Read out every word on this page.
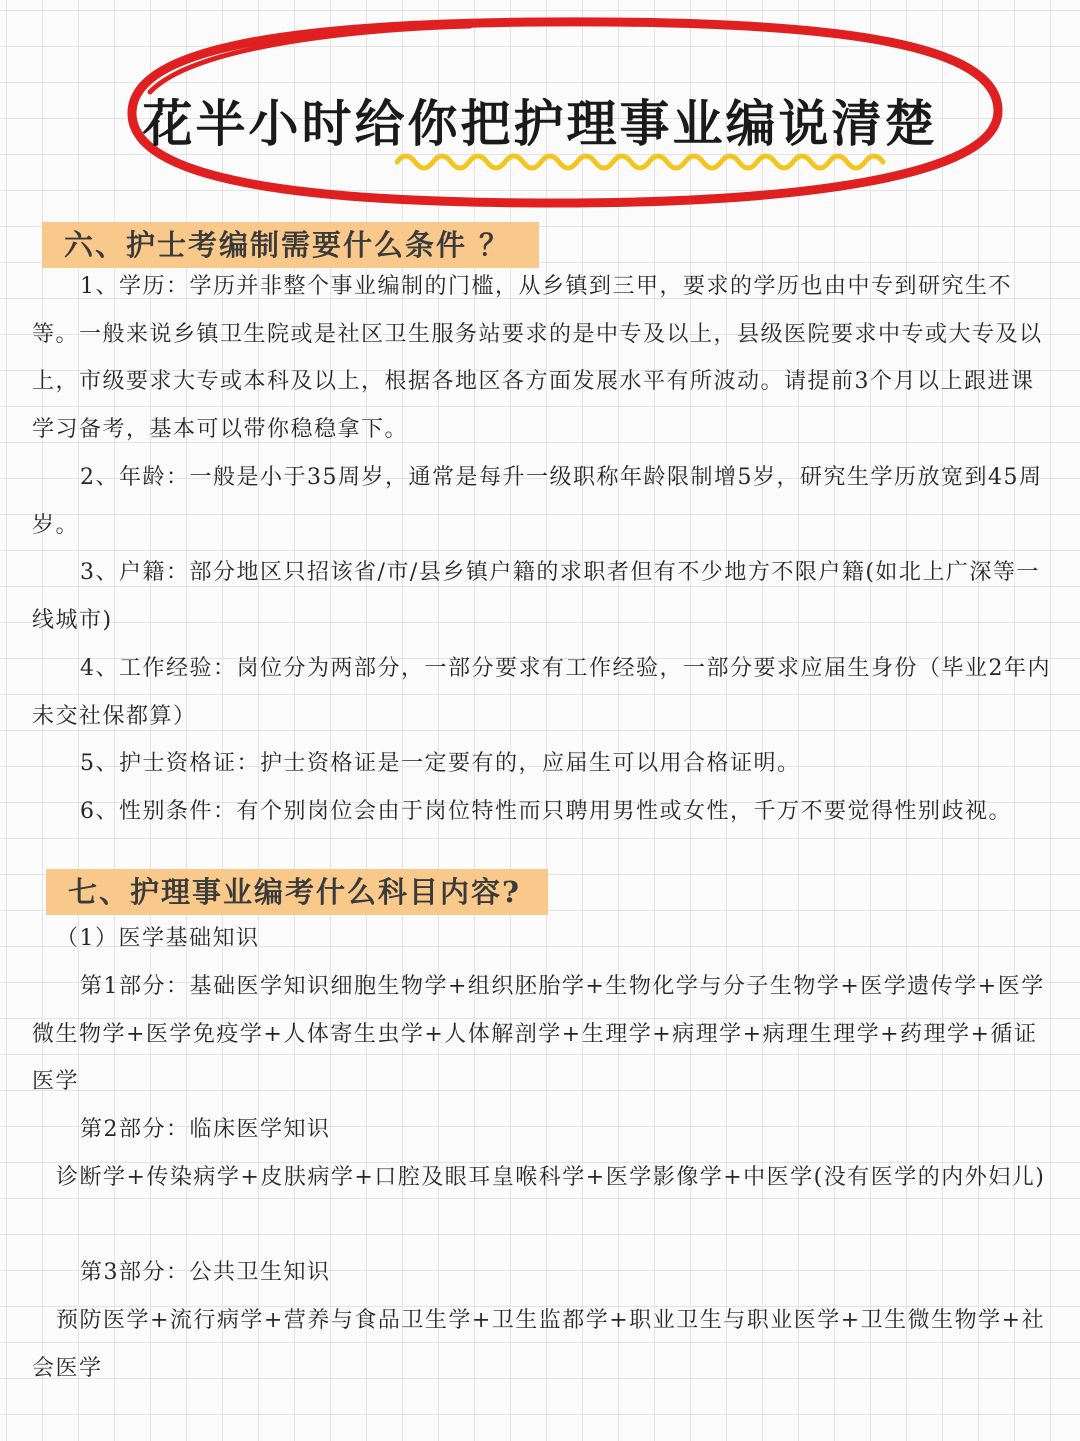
花半小时给你把护理事业编说清楚
六、护士考编制需要什么条件 ？
1、学历：学历并非整个事业编制的门槛，从乡镇到三甲，要求的学历也由中专到研究生不等。一般来说乡镇卫生院或是社区卫生服务站要求的是中专及以上，县级医院要求中专或大专及以上，市级要求大专或本科及以上，根据各地区各方面发展水平有所波动。请提前3个月以上跟进课学习备考，基本可以带你稳稳拿下。
2、年龄：一般是小于35周岁，通常是每升一级职称年龄限制增5岁，研究生学历放宽到45周岁。
3、户籍：部分地区只招该省/市/县乡镇户籍的求职者但有不少地方不限户籍(如北上广深等一线城市)
4、工作经验：岗位分为两部分，一部分要求有工作经验，一部分要求应届生身份（毕业2年内未交社保都算）
5、护士资格证：护士资格证是一定要有的，应届生可以用合格证明。
6、性别条件：有个别岗位会由于岗位特性而只聘用男性或女性，千万不要觉得性别歧视。
七、护理事业编考什么科目内容?
（1）医学基础知识
第1部分：基础医学知识细胞生物学+组织胚胎学+生物化学与分子生物学+医学遗传学+医学微生物学+医学免疫学+人体寄生虫学+人体解剖学+生理学+病理学+病理生理学+药理学+循证医学
第2部分：临床医学知识
诊断学+传染病学+皮肤病学+口腔及眼耳皇喉科学+医学影像学+中医学(没有医学的内外妇儿)
第3部分：公共卫生知识
预防医学+流行病学+营养与食品卫生学+卫生监都学+职业卫生与职业医学+卫生微生物学+社会医学
